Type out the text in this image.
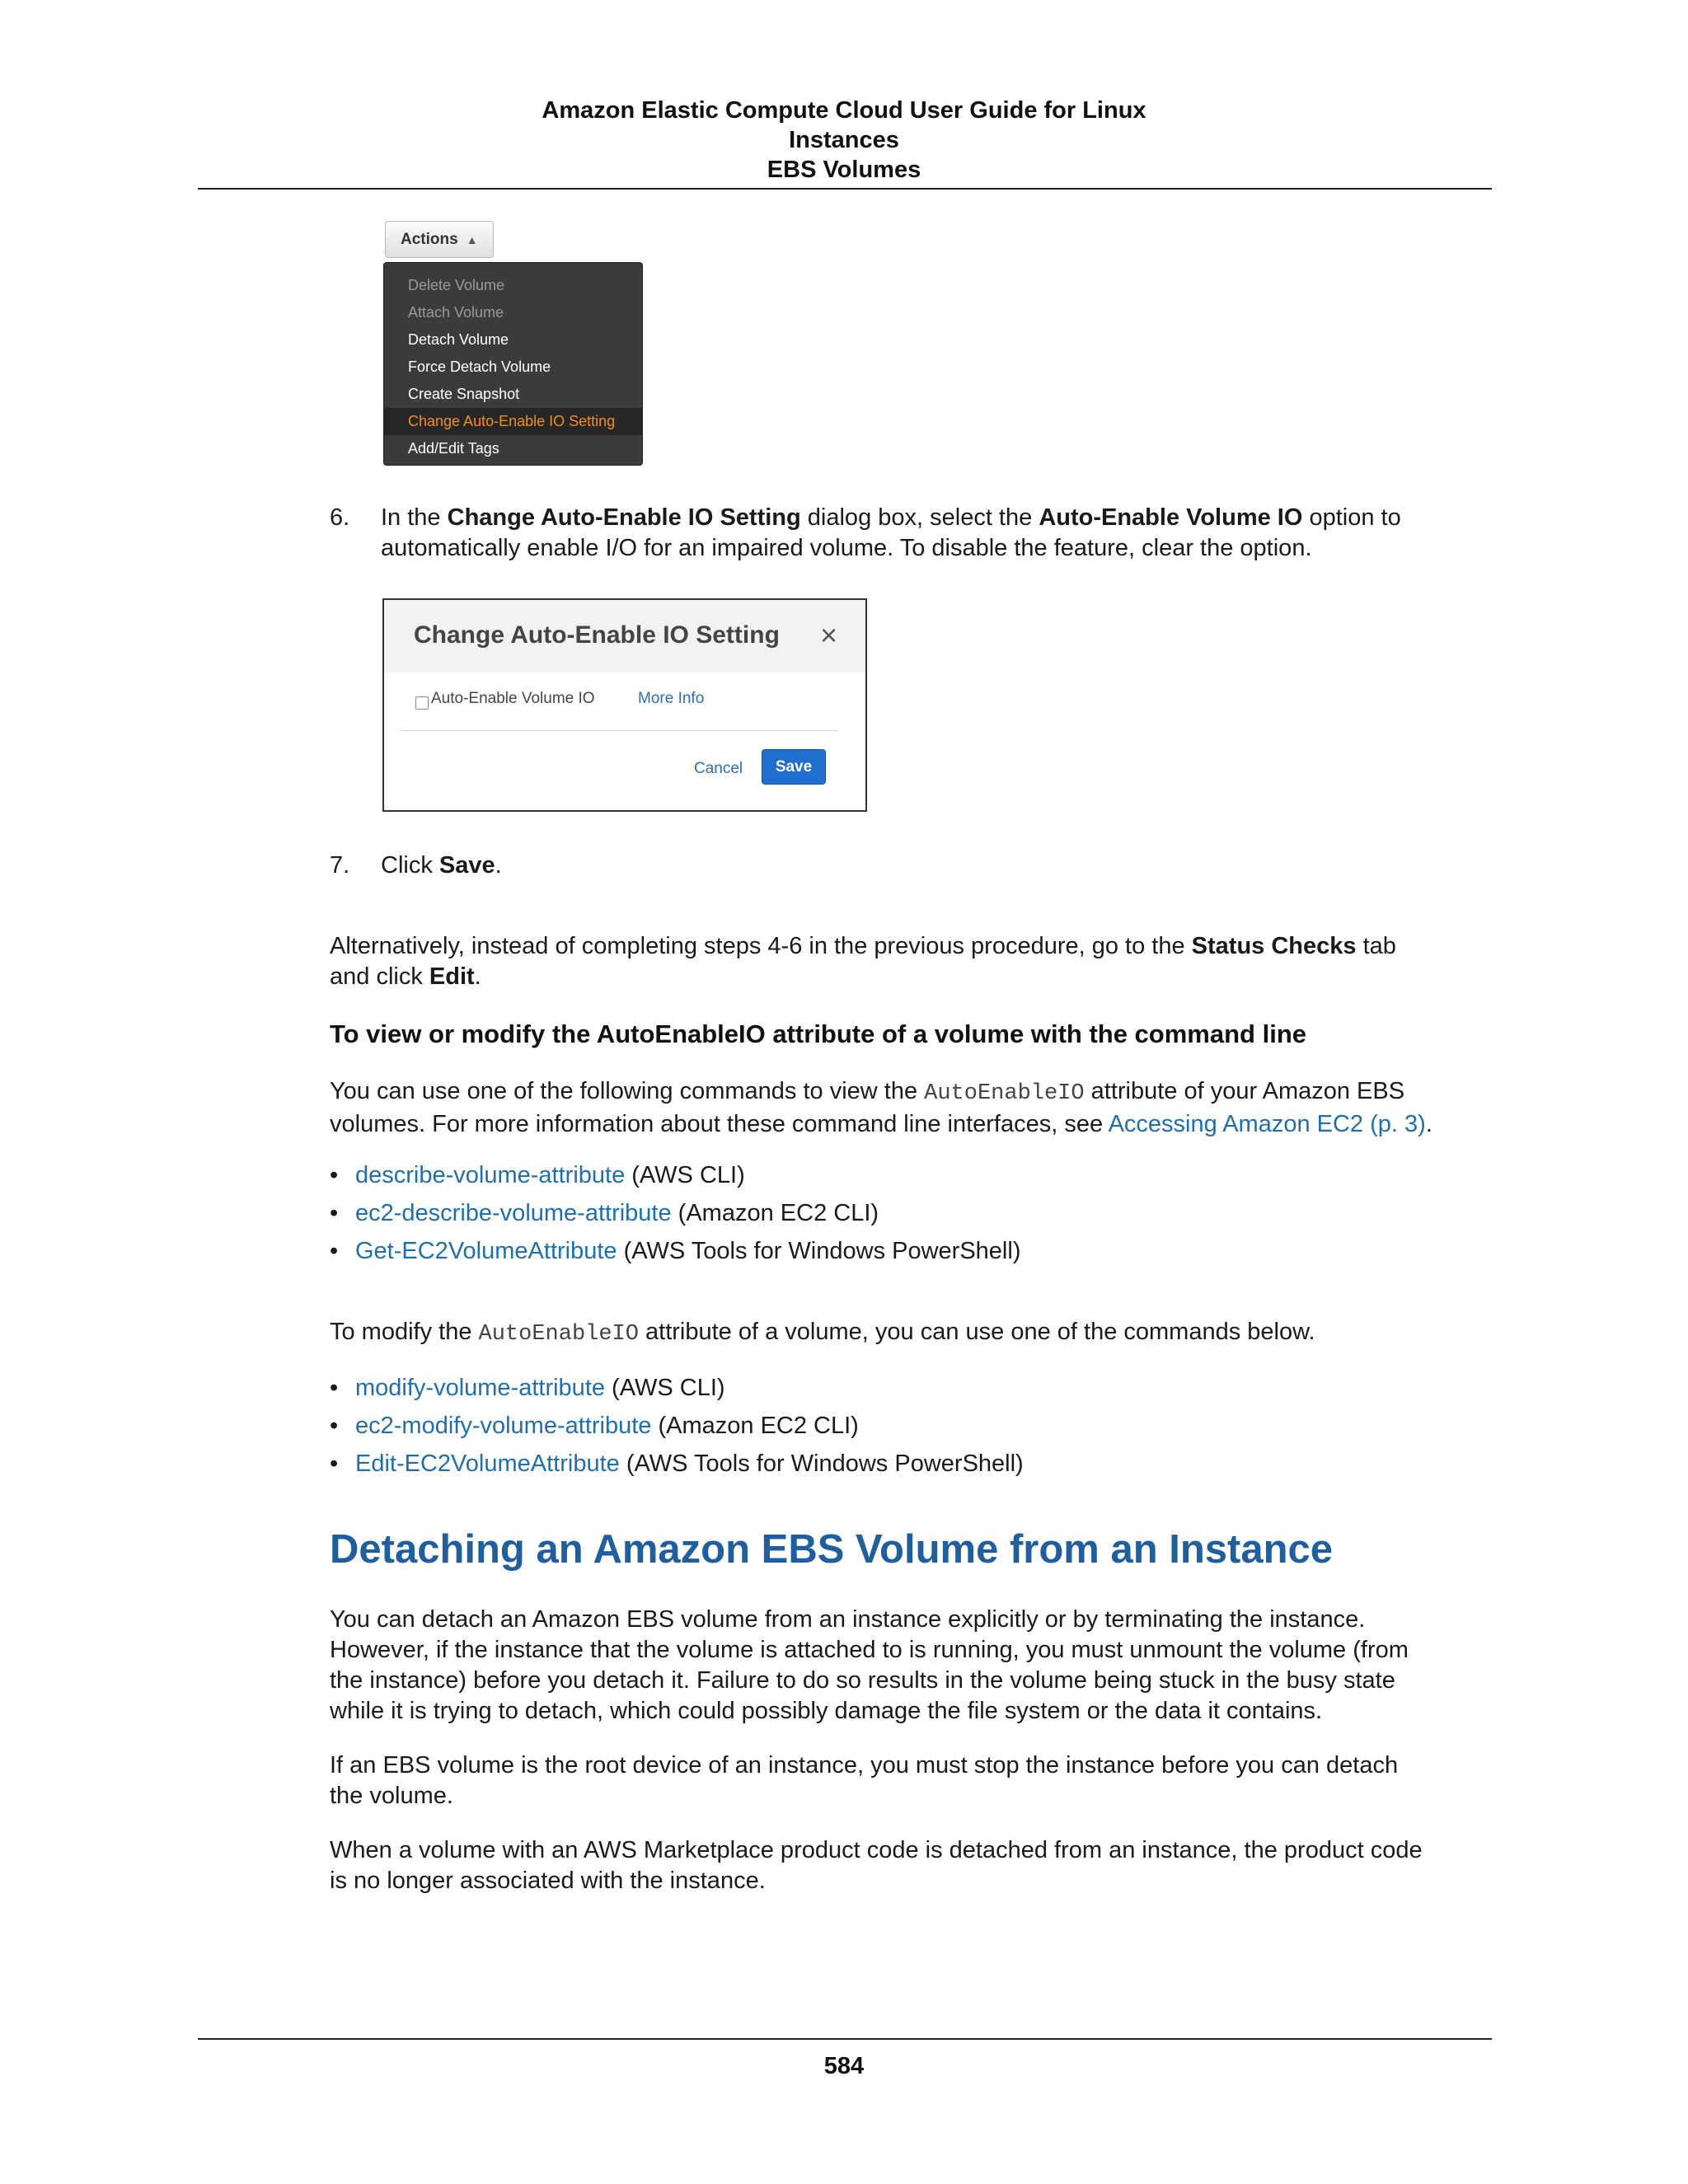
Amazon Elastic Compute Cloud User Guide for Linux
Instances
EBS Volumes
Actions ▲
Delete Volume
Attach Volume
Detach Volume
Force Detach Volume
Create Snapshot
Change Auto-Enable IO Setting
Add/Edit Tags
6. In the Change Auto-Enable IO Setting dialog box, select the Auto-Enable Volume IO option to
automatically enable I/O for an impaired volume. To disable the feature, clear the option.
Change Auto-Enable IO Setting ×
Auto-Enable Volume IO	More Info
Cancel	Save
7. Click Save.
Alternatively, instead of completing steps 4-6 in the previous procedure, go to the Status Checks tab
and click Edit.
To view or modify the AutoEnableIO attribute of a volume with the command line
You can use one of the following commands to view the AutoEnableIO attribute of your Amazon EBS
volumes. For more information about these command line interfaces, see Accessing Amazon EC2 (p. 3).
• describe-volume-attribute (AWS CLI)
• ec2-describe-volume-attribute (Amazon EC2 CLI)
• Get-EC2VolumeAttribute (AWS Tools for Windows PowerShell)
To modify the AutoEnableIO attribute of a volume, you can use one of the commands below.
• modify-volume-attribute (AWS CLI)
• ec2-modify-volume-attribute (Amazon EC2 CLI)
• Edit-EC2VolumeAttribute (AWS Tools for Windows PowerShell)
Detaching an Amazon EBS Volume from an Instance
You can detach an Amazon EBS volume from an instance explicitly or by terminating the instance.
However, if the instance that the volume is attached to is running, you must unmount the volume (from
the instance) before you detach it. Failure to do so results in the volume being stuck in the busy state
while it is trying to detach, which could possibly damage the file system or the data it contains.
If an EBS volume is the root device of an instance, you must stop the instance before you can detach
the volume.
When a volume with an AWS Marketplace product code is detached from an instance, the product code
is no longer associated with the instance.
584
